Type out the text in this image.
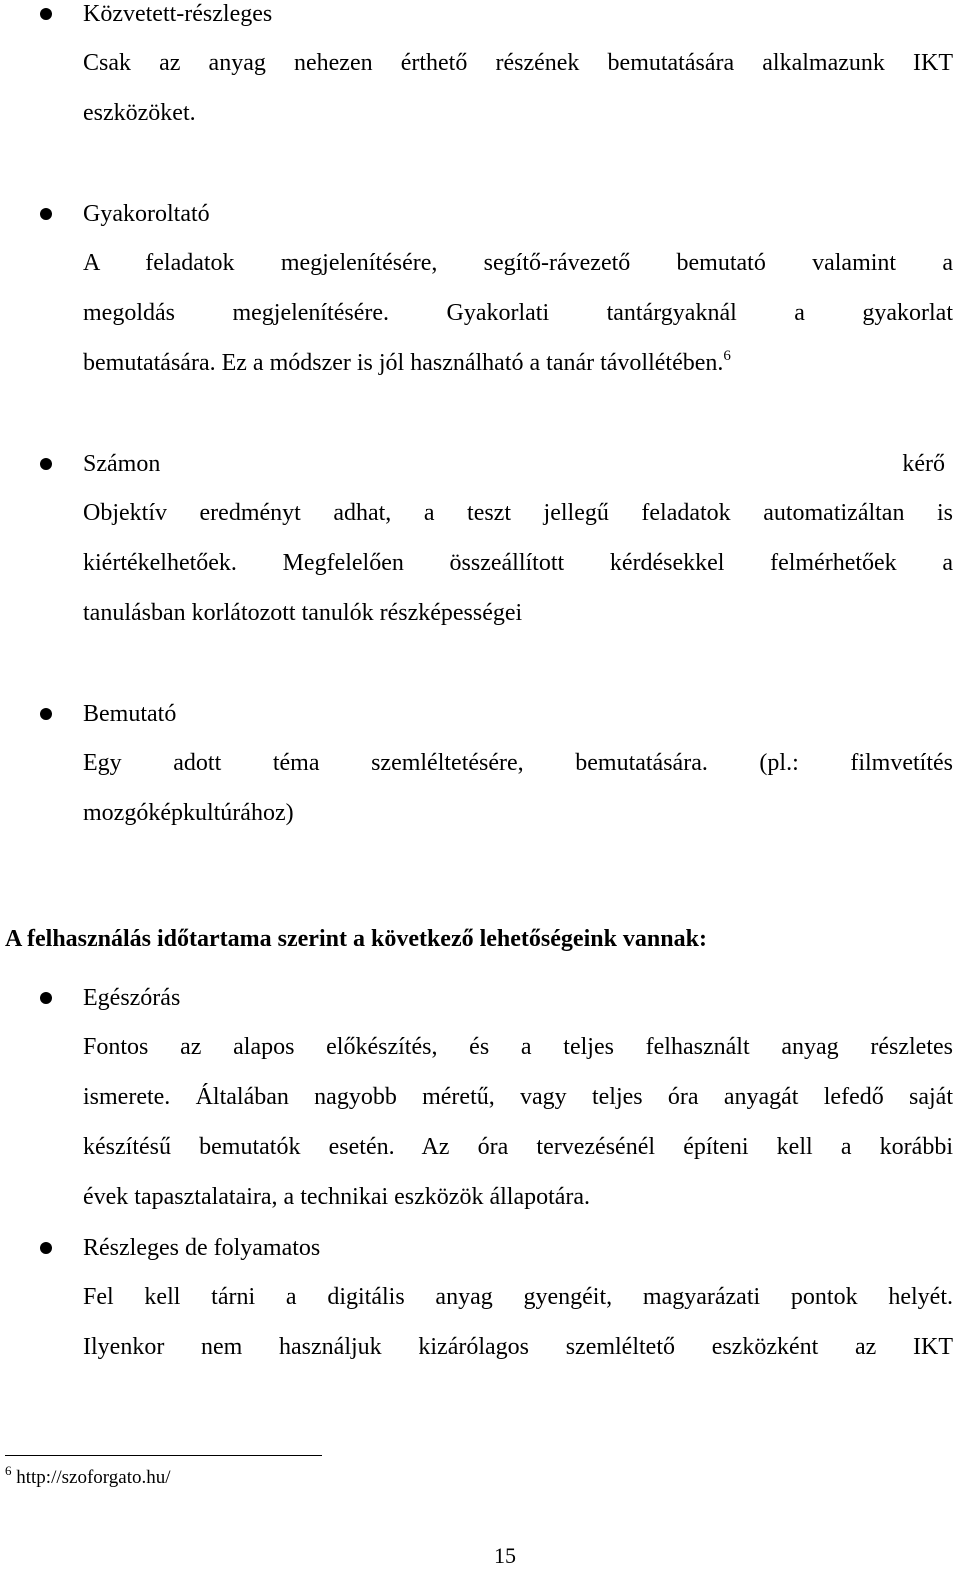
Közvetett-részleges
Csak az anyag nehezen érthető részének bemutatására alkalmazunk IKT
eszközöket.
Gyakoroltató
A feladatok megjelenítésére, segítő-rávezető bemutató valamint a
megoldás megjelenítésére. Gyakorlati tantárgyaknál a gyakorlat
bemutatására. Ez a módszer is jól használható a tanár távollétében.$^6$
Számon	kérő
Objektív eredményt adhat, a teszt jellegű feladatok automatizáltan is
kiértékelhetőek. Megfelelően összeállított kérdésekkel felmérhetőek a
tanulásban korlátozott tanulók részképességei
Bemutató
Egy adott téma szemléltetésére, bemutatására. (pl.: filmvetítés
mozgóképkultúrához)
A felhasználás időtartama szerint a következő lehetőségeink vannak:
Egészórás
Fontos az alapos előkészítés, és a teljes felhasznált anyag részletes
ismerete. Általában nagyobb méretű, vagy teljes óra anyagát lefedő saját
készítésű bemutatók esetén. Az óra tervezésénél építeni kell a korábbi
évek tapasztalataira, a technikai eszközök állapotára.
Részleges de folyamatos
Fel kell tárni a digitális anyag gyengéit, magyarázati pontok helyét.
Ilyenkor nem használjuk kizárólagos szemléltető eszközként az IKT
$^6$ http://szoforgato.hu/
15
